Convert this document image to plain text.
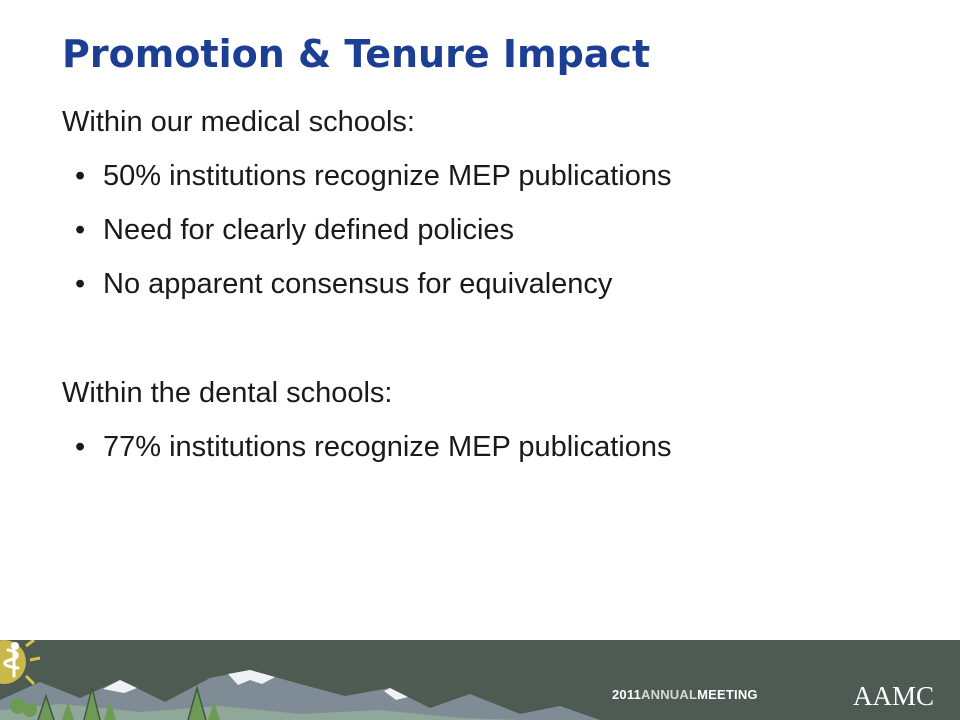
Promotion & Tenure Impact
Within our medical schools:
• 50% institutions recognize MEP publications
• Need for clearly defined policies
• No apparent consensus for equivalency
Within the dental schools:
• 77% institutions recognize MEP publications
2011ANNUALMEETING	AAMC
